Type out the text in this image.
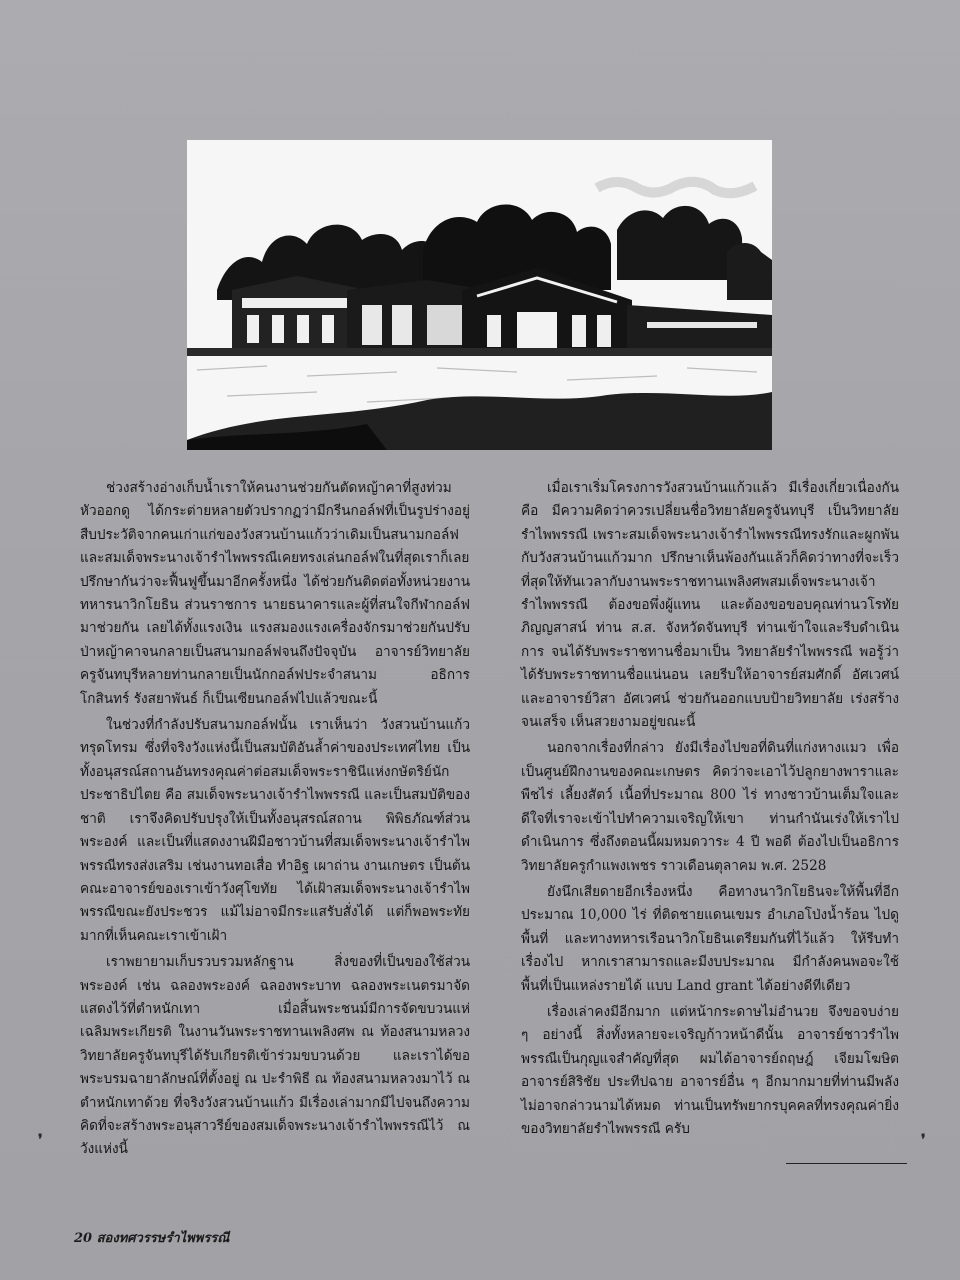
ช่วงสร้างอ่างเก็บน้ำเราให้คนงานช่วยกันตัดหญ้าคาที่สูงท่วมหัวออกดู ได้กระต่ายหลายตัวปรากฏว่ามีกรีนกอล์ฟที่เป็นรูปร่างอยู่ สืบประวัติจากคนเก่าแก่ของวังสวนบ้านแก้วว่าเดิมเป็นสนามกอล์ฟและสมเด็จพระนางเจ้ารำไพพรรณีเคยทรงเล่นกอล์ฟในที่สุดเราก็เลยปรึกษากันว่าจะฟื้นฟูขึ้นมาอีกครั้งหนึ่ง ได้ช่วยกันติดต่อทั้งหน่วยงานทหารนาวิกโยธิน ส่วนราชการ นายธนาคารและผู้ที่สนใจกีฬากอล์ฟมาช่วยกัน เลยได้ทั้งแรงเงิน แรงสมองแรงเครื่องจักรมาช่วยกันปรับป่าหญ้าคาจนกลายเป็นสนามกอล์ฟจนถึงปัจจุบัน อาจารย์วิทยาลัยครูจันทบุรีหลายท่านกลายเป็นนักกอล์ฟประจำสนาม อธิการโกสินทร์ รังสยาพันธ์ ก็เป็นเซียนกอล์ฟไปแล้วขณะนี้

ในช่วงที่กำลังปรับสนามกอล์ฟนั้น เราเห็นว่า วังสวนบ้านแก้วทรุดโทรม ซึ่งที่จริงวังแห่งนี้เป็นสมบัติอันล้ำค่าของประเทศไทย เป็นทั้งอนุสรณ์สถานอันทรงคุณค่าต่อสมเด็จพระราชินีแห่งกษัตริย์นักประชาธิปไตย คือ สมเด็จพระนางเจ้ารำไพพรรณี และเป็นสมบัติของชาติ เราจึงคิดปรับปรุงให้เป็นทั้งอนุสรณ์สถาน พิพิธภัณฑ์ส่วนพระองค์ และเป็นที่แสดงงานฝีมือชาวบ้านที่สมเด็จพระนางเจ้ารำไพพรรณีทรงส่งเสริม เช่นงานทอเสื่อ ทำอิฐ เผาถ่าน งานเกษตร เป็นต้น คณะอาจารย์ของเราเข้าวังศุโขทัย ได้เฝ้าสมเด็จพระนางเจ้ารำไพพรรณีขณะยังประชวร แม้ไม่อาจมีกระแสรับสั่งได้ แต่ก็พอพระทัยมากที่เห็นคณะเราเข้าเฝ้า

เราพยายามเก็บรวบรวมหลักฐาน สิ่งของที่เป็นของใช้ส่วนพระองค์ เช่น ฉลองพระองค์ ฉลองพระบาท ฉลองพระเนตรมาจัดแสดงไว้ที่ตำหนักเทา เมื่อสิ้นพระชนม์มีการจัดขบวนแห่เฉลิมพระเกียรติ ในงานวันพระราชทานเพลิงศพ ณ ท้องสนามหลวง วิทยาลัยครูจันทบุรีได้รับเกียรติเข้าร่วมขบวนด้วย และเราได้ขอพระบรมฉายาลักษณ์ที่ตั้งอยู่ ณ ปะรำพิธี ณ ท้องสนามหลวงมาไว้ ณ ตำหนักเทาด้วย ที่จริงวังสวนบ้านแก้ว มีเรื่องเล่ามากมีไปจนถึงความคิดที่จะสร้างพระอนุสาวรีย์ของสมเด็จพระนางเจ้ารำไพพรรณีไว้ ณ วังแห่งนี้

เมื่อเราเริ่มโครงการวังสวนบ้านแก้วแล้ว มีเรื่องเกี่ยวเนื่องกันคือ มีความคิดว่าควรเปลี่ยนชื่อวิทยาลัยครูจันทบุรี เป็นวิทยาลัยรำไพพรรณี เพราะสมเด็จพระนางเจ้ารำไพพรรณีทรงรักและผูกพันกับวังสวนบ้านแก้วมาก ปรึกษาเห็นพ้องกันแล้วก็คิดว่าทางที่จะเร็วที่สุดให้ทันเวลากับงานพระราชทานเพลิงศพสมเด็จพระนางเจ้ารำไพพรรณี ต้องขอพึ่งผู้แทน และต้องขอขอบคุณท่านวโรทัย ภิญญสาสน์ ท่าน ส.ส. จังหวัดจันทบุรี ท่านเข้าใจและรีบดำเนินการ จนได้รับพระราชทานชื่อมาเป็น วิทยาลัยรำไพพรรณี พอรู้ว่าได้รับพระราชทานชื่อแน่นอน เลยรีบให้อาจารย์สมศักดิ์ อัศเวศน์ และอาจารย์วิสา อัศเวศน์ ช่วยกันออกแบบป้ายวิทยาลัย เร่งสร้างจนเสร็จ เห็นสวยงามอยู่ขณะนี้

นอกจากเรื่องที่กล่าว ยังมีเรื่องไปขอที่ดินที่แก่งหางแมว เพื่อเป็นศูนย์ฝึกงานของคณะเกษตร คิดว่าจะเอาไว้ปลูกยางพาราและพืชไร่ เลี้ยงสัตว์ เนื้อที่ประมาณ 800 ไร่ ทางชาวบ้านเต็มใจและดีใจที่เราจะเข้าไปทำความเจริญให้เขา ท่านกำนันเร่งให้เราไปดำเนินการ ซึ่งถึงตอนนี้ผมหมดวาระ 4 ปี พอดี ต้องไปเป็นอธิการวิทยาลัยครูกำแพงเพชร ราวเดือนตุลาคม พ.ศ. 2528

ยังนึกเสียดายอีกเรื่องหนึ่ง คือทางนาวิกโยธินจะให้พื้นที่อีกประมาณ 10,000 ไร่ ที่ติดชายแดนเขมร อำเภอโป่งน้ำร้อน ไปดูพื้นที่ และทางทหารเรือนาวิกโยธินเตรียมกันที่ไว้แล้ว ให้รีบทำเรื่องไป หากเราสามารถและมีงบประมาณ มีกำลังคนพอจะใช้พื้นที่เป็นแหล่งรายได้ แบบ Land grant ได้อย่างดีทีเดียว

เรื่องเล่าคงมีอีกมาก แต่หน้ากระดาษไม่อำนวย จึงขอจบง่าย ๆ อย่างนี้ สิ่งทั้งหลายจะเจริญก้าวหน้าดีนั้น อาจารย์ชาวรำไพพรรณีเป็นกุญแจสำคัญที่สุด ผมได้อาจารย์ถฤษฎ์ เจียมโฆษิต อาจารย์สิริชัย ประทีปฉาย อาจารย์อื่น ๆ อีกมากมายที่ท่านมีพลัง ไม่อาจกล่าวนามได้หมด ท่านเป็นทรัพยากรบุคคลที่ทรงคุณค่ายิ่งของวิทยาลัยรำไพพรรณี ครับ

❜	❜
20 สองทศวรรษรำไพพรรณี
